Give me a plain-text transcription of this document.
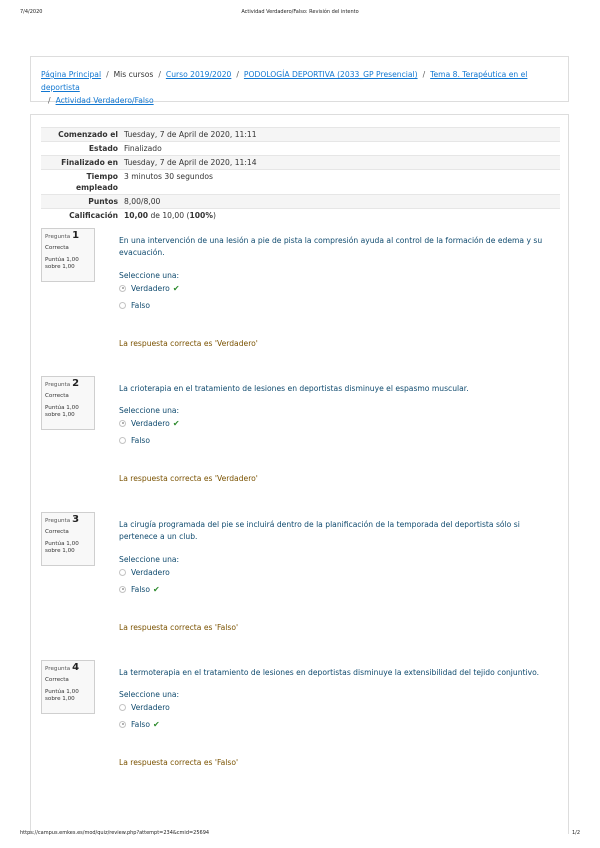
7/4/2020	Actividad Verdadero/Falso: Revisión del intento
Página Principal / Mis cursos / Curso 2019/2020 / PODOLOGÍA DEPORTIVA (2033_GP Presencial) / Tema 8. Terapéutica en el deportista
/ Actividad Verdadero/Falso
Comenzado el	Tuesday, 7 de April de 2020, 11:11
Estado	Finalizado
Finalizado en	Tuesday, 7 de April de 2020, 11:14
Tiempo empleado	3 minutos 30 segundos
Puntos	8,00/8,00
Calificación	10,00 de 10,00 (100%)
Pregunta 1
Correcta
Puntúa 1,00
sobre 1,00
En una intervención de una lesión a pie de pista la compresión ayuda al control de la formación de edema y su evacuación.
Seleccione una:
Verdadero ✔
Falso
La respuesta correcta es 'Verdadero'
Pregunta 2
Correcta
Puntúa 1,00
sobre 1,00
La crioterapia en el tratamiento de lesiones en deportistas disminuye el espasmo muscular.
Seleccione una:
Verdadero ✔
Falso
La respuesta correcta es 'Verdadero'
Pregunta 3
Correcta
Puntúa 1,00
sobre 1,00
La cirugía programada del pie se incluirá dentro de la planificación de la temporada del deportista sólo si pertenece a un club.
Seleccione una:
Verdadero
Falso ✔
La respuesta correcta es 'Falso'
Pregunta 4
Correcta
Puntúa 1,00
sobre 1,00
La termoterapia en el tratamiento de lesiones en deportistas disminuye la extensibilidad del tejido conjuntivo.
Seleccione una:
Verdadero
Falso ✔
La respuesta correcta es 'Falso'
https://campus.emkes.es/mod/quiz/review.php?attempt=234&cmid=25694	1/2
